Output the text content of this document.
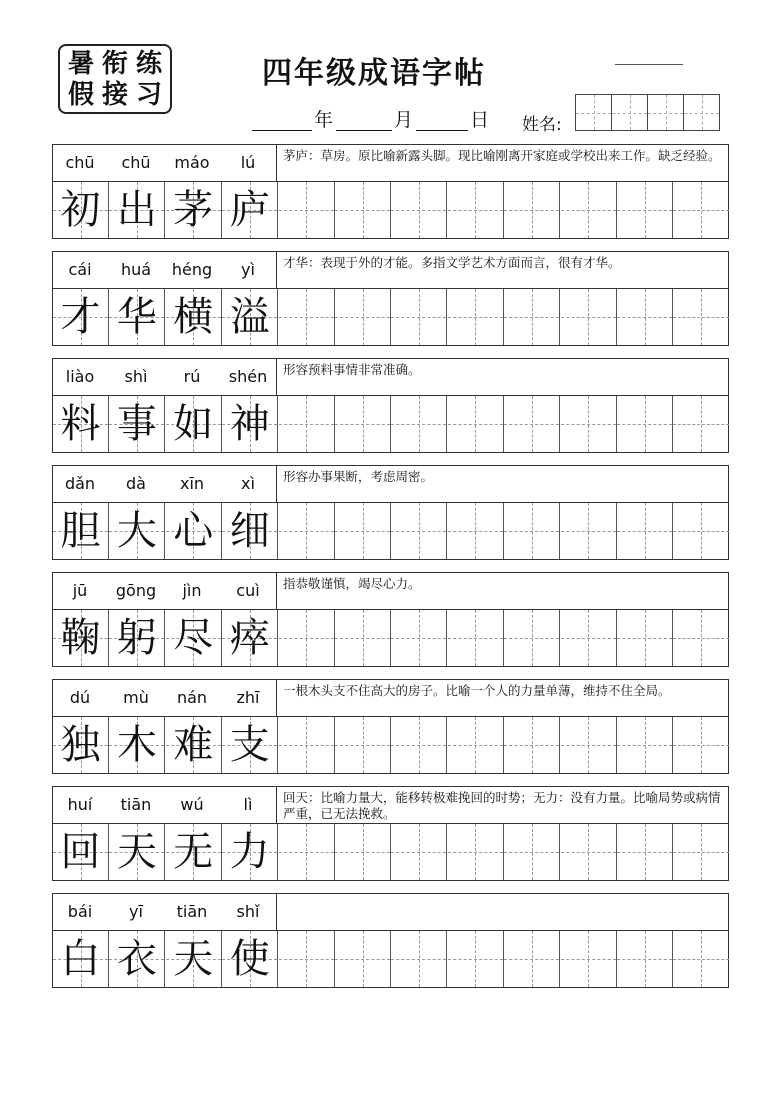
暑 衔 练
假 接 习
四年级成语字帖
年	月	日 姓名:
chū	chū	máo	lú	茅庐：草房。原比喻新露头脚。现比喻刚离开家庭或学校出来工作。缺乏经验。
初 出 茅 庐
cái	huá	héng	yì	才华：表现于外的才能。多指文学艺术方面而言，很有才华。
才 华 横 溢
liào	shì	rú	shén	形容预料事情非常准确。
料 事 如 神
dǎn	dà	xīn	xì	形容办事果断，考虑周密。
胆 大 心 细
jū	gōng	jìn	cuì	指恭敬谨慎，竭尽心力。
鞠 躬 尽 瘁
dú	mù	nán	zhī	一根木头支不住高大的房子。比喻一个人的力量单薄，维持不住全局。
独 木 难 支
huí	tiān	wú	lì	回天：比喻力量大，能移转极难挽回的时势；无力：没有力量。比喻局势或病情严重，已无法挽救。
回 天 无 力
bái	yī	tiān	shǐ
白 衣 天 使
